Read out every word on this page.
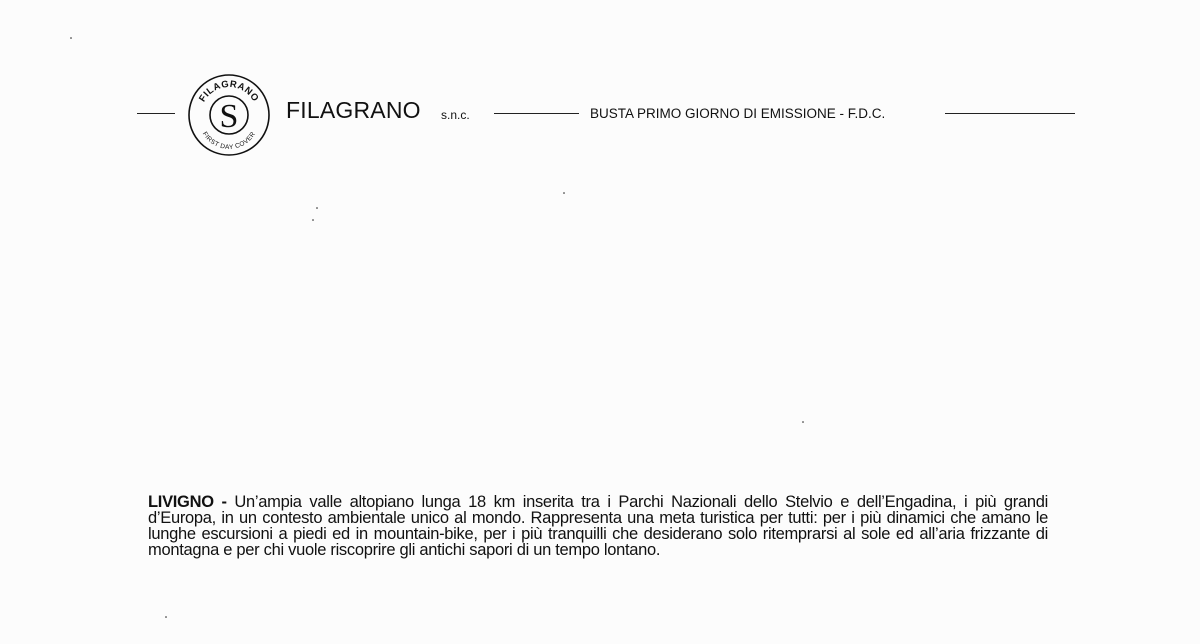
S
FILAGRANO
FIRST DAY COVER
FILAGRANO s.n.c.	BUSTA PRIMO GIORNO DI EMISSIONE - F.D.C.
LIVIGNO - Un’ampia valle altopiano lunga 18 km inserita tra i Parchi Nazionali dello Stelvio e dell’Engadina, i più grandi d’Europa, in un contesto ambientale unico al mondo. Rappresenta una meta turistica per tutti: per i più dinamici che amano le lunghe escursioni a piedi ed in mountain-bike, per i più tranquilli che desiderano solo ritemprarsi al sole ed all’aria frizzante di montagna e per chi vuole riscoprire gli antichi sapori di un tempo lontano.
